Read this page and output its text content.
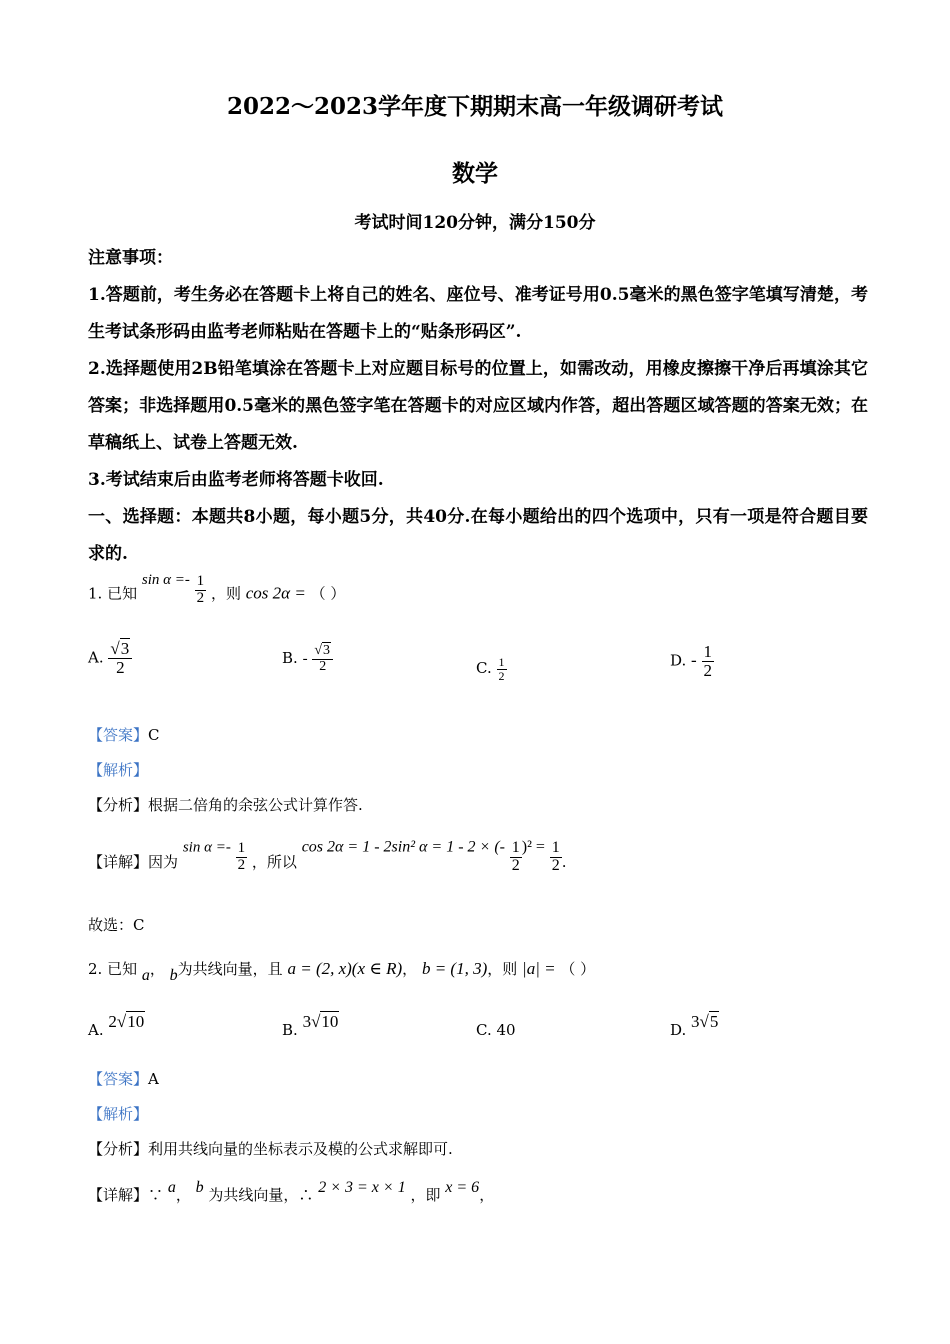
2022～2023学年度下期期末高一年级调研考试
数学
考试时间120分钟，满分150分
注意事项：
1.答题前，考生务必在答题卡上将自己的姓名、座位号、准考证号用0.5毫米的黑色签字笔填写清楚，考生考试条形码由监考老师粘贴在答题卡上的“贴条形码区”.
2.选择题使用2B铅笔填涂在答题卡上对应题目标号的位置上，如需改动，用橡皮擦擦干净后再填涂其它答案；非选择题用0.5毫米的黑色签字笔在答题卡的对应区域内作答，超出答题区域答题的答案无效；在草稿纸上、试卷上答题无效.
3.考试结束后由监考老师将答题卡收回.
一、选择题：本题共8小题，每小题5分，共40分.在每小题给出的四个选项中，只有一项是符合题目要求的.
1. 已知 $\sin \alpha =- \frac{1}{2}$ ，则 cos 2α = （ ）
A. $\frac{√3}{2}$	B. - $\frac{√3}{2}$	C. $\frac{1}{2}$	D. - $\frac{1}{2}$
【答案】C
【解析】
【分析】根据二倍角的余弦公式计算作答.
【详解】因为 $\sin \alpha =- \frac{1}{2}$ ，所以 cos 2α = 1 - 2sin² α = 1 - 2 × (- $\frac{1}{2} )^2 = \frac{1}{2}$ .
故选：C
2. 已知 a， b为共线向量，且 a = (2, x)(x ∈ R)， b = (1, 3)，则 |a| = （ ）
A. 2√10	B. 3√10	C. 40	D. 3√5
【答案】A
【解析】
【分析】利用共线向量的坐标表示及模的公式求解即可.
【详解】∵ a， b 为共线向量，∴ 2 × 3 = x × 1 ，即 x = 6，
